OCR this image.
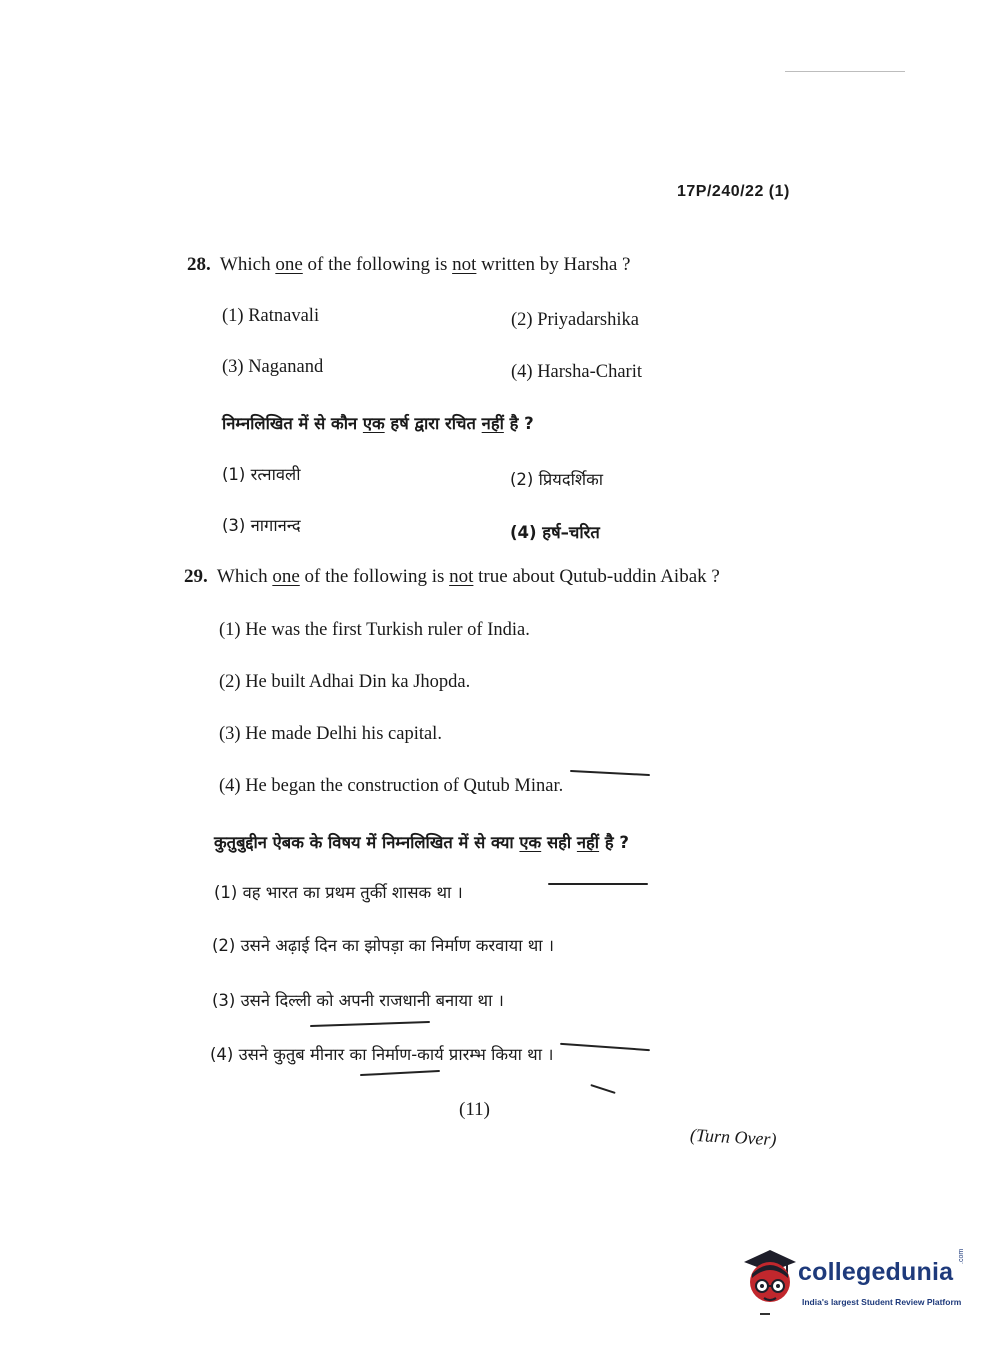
17P/240/22 (1)
28. Which one of the following is not written by Harsha ?
(1) Ratnavali	(2) Priyadarshika
(3) Naganand	(4) Harsha-Charit
निम्नलिखित में से कौन एक हर्ष द्वारा रचित नहीं है ?
(1) रत्नावली	(2) प्रियदर्शिका
(3) नागानन्द	(4) हर्ष–चरित
29. Which one of the following is not true about Qutub-uddin Aibak ?
(1) He was the first Turkish ruler of India.
(2) He built Adhai Din ka Jhopda.
(3) He made Delhi his capital.
(4) He began the construction of Qutub Minar.
कुतुबुद्दीन ऐबक के विषय में निम्नलिखित में से क्या एक सही नहीं है ?
(1) वह भारत का प्रथम तुर्की शासक था ।
(2) उसने अढ़ाई दिन का झोपड़ा का निर्माण करवाया था ।
(3) उसने दिल्ली को अपनी राजधानी बनाया था ।
(4) उसने कुतुब मीनार का निर्माण-कार्य प्रारम्भ किया था ।
(11)
(Turn Over)
collegedunia
.com
India's largest Student Review Platform
